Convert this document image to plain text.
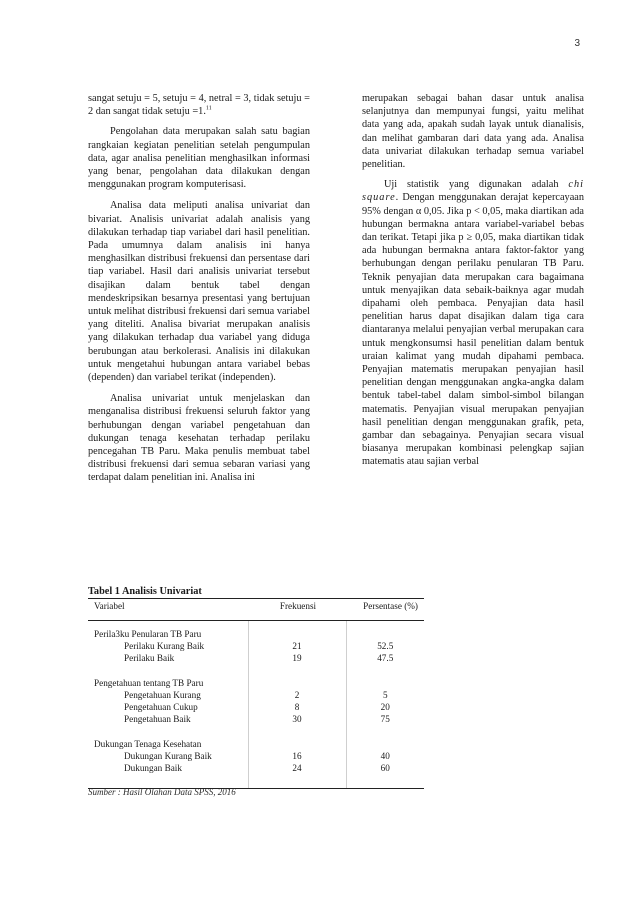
3

sangat setuju = 5, setuju = 4, netral = 3, tidak setuju = 2 dan sangat tidak setuju =1.11

Pengolahan data merupakan salah satu bagian rangkaian kegiatan penelitian setelah pengumpulan data, agar analisa penelitian menghasilkan informasi yang benar, pengolahan data dilakukan dengan menggunakan program komputerisasi.

Analisa data meliputi analisa univariat dan bivariat. Analisis univariat adalah analisis yang dilakukan terhadap tiap variabel dari hasil penelitian. Pada umumnya dalam analisis ini hanya menghasilkan distribusi frekuensi dan persentase dari tiap variabel. Hasil dari analisis univariat tersebut disajikan dalam bentuk tabel dengan mendeskripsikan besarnya presentasi yang bertujuan untuk melihat distribusi frekuensi dari semua variabel yang diteliti. Analisa bivariat merupakan analisis yang dilakukan terhadap dua variabel yang diduga berubungan atau berkolerasi. Analisis ini dilakukan untuk mengetahui hubungan antara variabel bebas (dependen) dan variabel terikat (independen).

Analisa univariat untuk menjelaskan dan menganalisa distribusi frekuensi seluruh faktor yang berhubungan dengan variabel pengetahuan dan dukungan tenaga kesehatan terhadap perilaku pencegahan TB Paru. Maka penulis membuat tabel distribusi frekuensi dari semua sebaran variasi yang terdapat dalam penelitian ini. Analisa ini

merupakan sebagai bahan dasar untuk analisa selanjutnya dan mempunyai fungsi, yaitu melihat data yang ada, apakah sudah layak untuk dianalisis, dan melihat gambaran dari data yang ada. Analisa data univariat dilakukan terhadap semua variabel penelitian.

Uji statistik yang digunakan adalah chi square. Dengan menggunakan derajat kepercayaan 95% dengan α 0,05. Jika p < 0,05, maka diartikan ada hubungan bermakna antara variabel-variabel bebas dan terikat. Tetapi jika p ≥ 0,05, maka diartikan tidak ada hubungan bermakna antara faktor-faktor yang berhubungan dengan perilaku penularan TB Paru. Teknik penyajian data merupakan cara bagaimana untuk menyajikan data sebaik-baiknya agar mudah dipahami oleh pembaca. Penyajian data hasil penelitian harus dapat disajikan dalam tiga cara diantaranya melalui penyajian verbal merupakan cara untuk mengkonsumsi hasil penelitian dalam bentuk uraian kalimat yang mudah dipahami pembaca. Penyajian matematis merupakan penyajian hasil penelitian dengan menggunakan angka-angka dalam bentuk tabel-tabel dalam simbol-simbol bilangan matematis. Penyajian visual merupakan penyajian hasil penelitian dengan menggunakan grafik, peta, gambar dan sebagainya. Penyajian secara visual biasanya merupakan kombinasi pelengkap sajian matematis atau sajian verbal

Tabel 1 Analisis Univariat
Variabel	Frekuensi	Persentase (%)

Perila3ku Penularan TB Paru		
Perilaku Kurang Baik	21	52.5
Perilaku Baik	19	47.5

Pengetahuan tentang TB Paru		
Pengetahuan Kurang	2	5
Pengetahuan Cukup	8	20
Pengetahuan Baik	30	75

Dukungan Tenaga Kesehatan		
Dukungan Kurang Baik	16	40
Dukungan Baik	24	60

Sumber : Hasil Olahan Data SPSS, 2016
